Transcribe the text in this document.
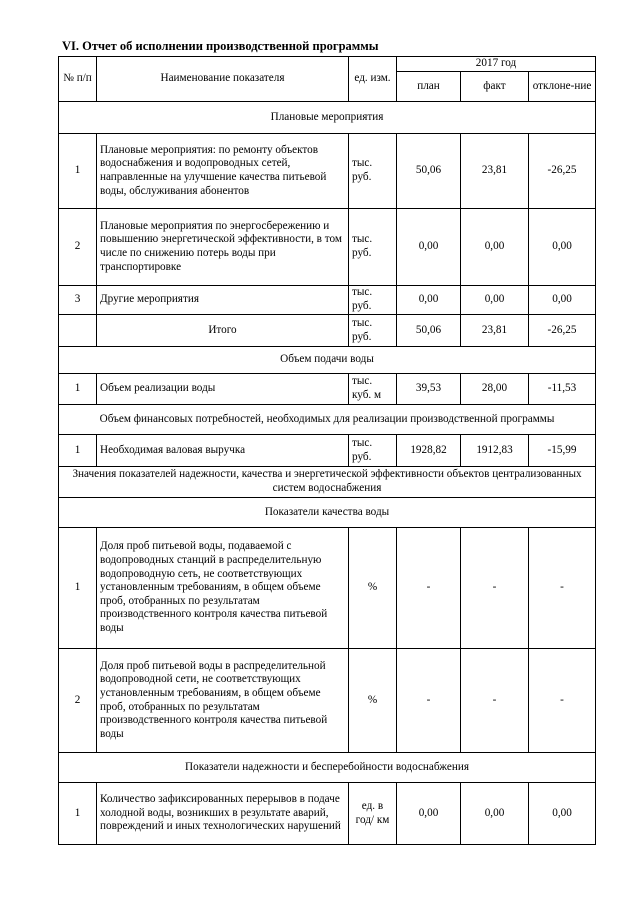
VI. Отчет об исполнении производственной программы
№ п/п	Наименование показателя	ед. изм.	2017 год		
			план	факт	отклоне-ние
Плановые мероприятия					
1	Плановые мероприятия: по ремонту объектов водоснабжения и водопроводных сетей, направленные на улучшение качества питьевой воды, обслуживания абонентов	тыс. руб.	50,06	23,81	-26,25
2	Плановые мероприятия по энергосбережению и повышению энергетической эффективности, в том числе по снижению потерь воды при транспортировке	тыс. руб.	0,00	0,00	0,00
3	Другие мероприятия	тыс. руб.	0,00	0,00	0,00
	Итого	тыс. руб.	50,06	23,81	-26,25
Объем подачи воды					
1	Объем реализации воды	тыс. куб. м	39,53	28,00	-11,53
Объем финансовых потребностей, необходимых для реализации производственной программы					
1	Необходимая валовая выручка	тыс. руб.	1928,82	1912,83	-15,99
Значения показателей надежности, качества и энергетической эффективности объектов централизованных систем водоснабжения					
Показатели качества воды					
1	Доля проб питьевой воды, подаваемой с водопроводных станций в распределительную водопроводную сеть, не соответствующих установленным требованиям, в общем объеме проб, отобранных по результатам производственного контроля качества питьевой воды	%	-	-	-
2	Доля проб питьевой воды в распределительной водопроводной сети, не соответствующих установленным требованиям, в общем объеме проб, отобранных по результатам производственного контроля качества питьевой воды	%	-	-	-
Показатели надежности и бесперебойности водоснабжения					
1	Количество зафиксированных перерывов в подаче холодной воды, возникших в результате аварий, повреждений и иных технологических нарушений	ед. в год/ км	0,00	0,00	0,00
